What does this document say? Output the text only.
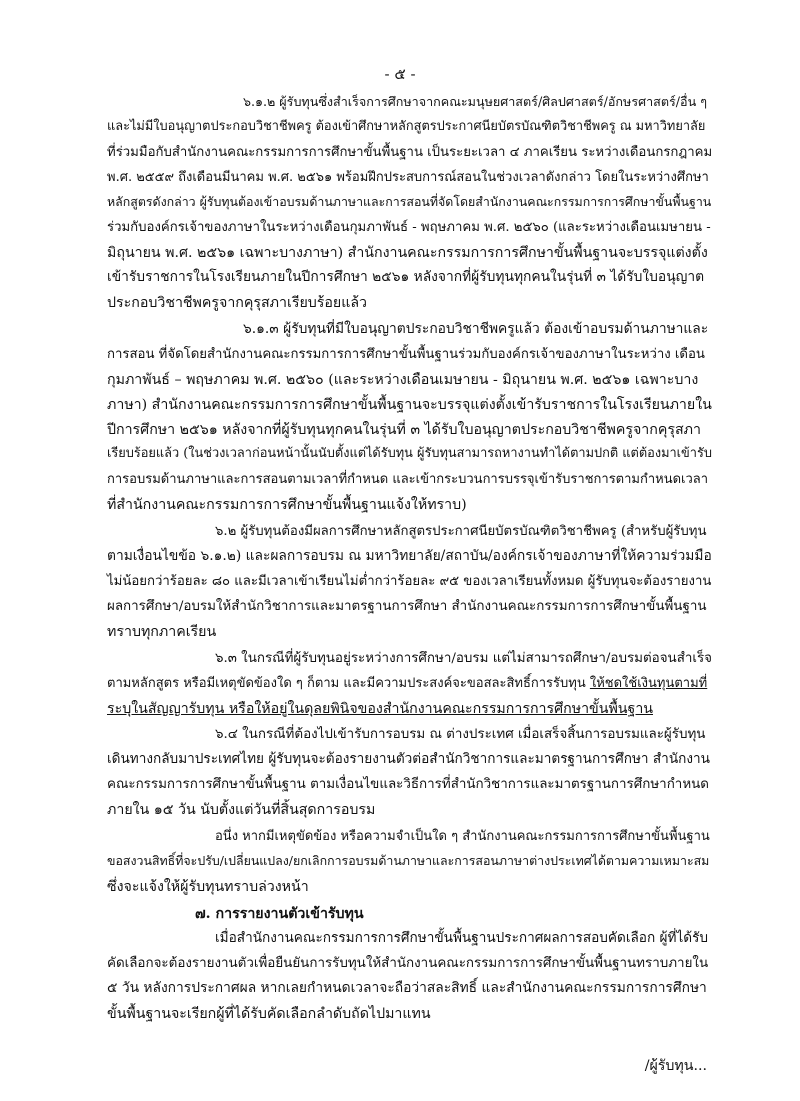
- ๕ -
๖.๑.๒ ผู้รับทุนซึ่งสำเร็จการศึกษาจากคณะมนุษยศาสตร์/ศิลปศาสตร์/อักษรศาสตร์/อื่น ๆ
และไม่มีใบอนุญาตประกอบวิชาชีพครู ต้องเข้าศึกษาหลักสูตรประกาศนียบัตรบัณฑิตวิชาชีพครู ณ มหาวิทยาลัย
ที่ร่วมมือกับสำนักงานคณะกรรมการการศึกษาขั้นพื้นฐาน เป็นระยะเวลา ๔ ภาคเรียน ระหว่างเดือนกรกฎาคม
พ.ศ. ๒๕๕๙ ถึงเดือนมีนาคม พ.ศ. ๒๕๖๑ พร้อมฝึกประสบการณ์สอนในช่วงเวลาดังกล่าว โดยในระหว่างศึกษา
หลักสูตรดังกล่าว ผู้รับทุนต้องเข้าอบรมด้านภาษาและการสอนที่จัดโดยสำนักงานคณะกรรมการการศึกษาขั้นพื้นฐาน
ร่วมกับองค์กรเจ้าของภาษาในระหว่างเดือนกุมภาพันธ์ - พฤษภาคม พ.ศ. ๒๕๖๐ (และระหว่างเดือนเมษายน -
มิถุนายน พ.ศ. ๒๕๖๑ เฉพาะบางภาษา) สำนักงานคณะกรรมการการศึกษาขั้นพื้นฐานจะบรรจุแต่งตั้ง
เข้ารับราชการในโรงเรียนภายในปีการศึกษา ๒๕๖๑ หลังจากที่ผู้รับทุนทุกคนในรุ่นที่ ๓ ได้รับใบอนุญาต
ประกอบวิชาชีพครูจากคุรุสภาเรียบร้อยแล้ว
๖.๑.๓ ผู้รับทุนที่มีใบอนุญาตประกอบวิชาชีพครูแล้ว ต้องเข้าอบรมด้านภาษาและ
การสอน ที่จัดโดยสำนักงานคณะกรรมการการศึกษาขั้นพื้นฐานร่วมกับองค์กรเจ้าของภาษาในระหว่าง เดือน
กุมภาพันธ์ – พฤษภาคม พ.ศ. ๒๕๖๐ (และระหว่างเดือนเมษายน - มิถุนายน พ.ศ. ๒๕๖๑ เฉพาะบาง
ภาษา) สำนักงานคณะกรรมการการศึกษาขั้นพื้นฐานจะบรรจุแต่งตั้งเข้ารับราชการในโรงเรียนภายใน
ปีการศึกษา ๒๕๖๑ หลังจากที่ผู้รับทุนทุกคนในรุ่นที่ ๓ ได้รับใบอนุญาตประกอบวิชาชีพครูจากคุรุสภา
เรียบร้อยแล้ว (ในช่วงเวลาก่อนหน้านั้นนับตั้งแต่ได้รับทุน ผู้รับทุนสามารถหางานทำได้ตามปกติ แต่ต้องมาเข้ารับ
การอบรมด้านภาษาและการสอนตามเวลาที่กำหนด และเข้ากระบวนการบรรจุเข้ารับราชการตามกำหนดเวลา
ที่สำนักงานคณะกรรมการการศึกษาขั้นพื้นฐานแจ้งให้ทราบ)
๖.๒ ผู้รับทุนต้องมีผลการศึกษาหลักสูตรประกาศนียบัตรบัณฑิตวิชาชีพครู (สำหรับผู้รับทุน
ตามเงื่อนไขข้อ ๖.๑.๒) และผลการอบรม ณ มหาวิทยาลัย/สถาบัน/องค์กรเจ้าของภาษาที่ให้ความร่วมมือ
ไม่น้อยกว่าร้อยละ ๘๐ และมีเวลาเข้าเรียนไม่ต่ำกว่าร้อยละ ๙๕ ของเวลาเรียนทั้งหมด ผู้รับทุนจะต้องรายงาน
ผลการศึกษา/อบรมให้สำนักวิชาการและมาตรฐานการศึกษา สำนักงานคณะกรรมการการศึกษาขั้นพื้นฐาน
ทราบทุกภาคเรียน
๖.๓ ในกรณีที่ผู้รับทุนอยู่ระหว่างการศึกษา/อบรม แต่ไม่สามารถศึกษา/อบรมต่อจนสำเร็จ
ตามหลักสูตร หรือมีเหตุขัดข้องใด ๆ ก็ตาม และมีความประสงค์จะขอสละสิทธิ์การรับทุน ให้ชดใช้เงินทุนตามที่
ระบุในสัญญารับทุน หรือให้อยู่ในดุลยพินิจของสำนักงานคณะกรรมการการศึกษาขั้นพื้นฐาน
๖.๔ ในกรณีที่ต้องไปเข้ารับการอบรม ณ ต่างประเทศ เมื่อเสร็จสิ้นการอบรมและผู้รับทุน
เดินทางกลับมาประเทศไทย ผู้รับทุนจะต้องรายงานตัวต่อสำนักวิชาการและมาตรฐานการศึกษา สำนักงาน
คณะกรรมการการศึกษาขั้นพื้นฐาน ตามเงื่อนไขและวิธีการที่สำนักวิชาการและมาตรฐานการศึกษากำหนด
ภายใน ๑๕ วัน นับตั้งแต่วันที่สิ้นสุดการอบรม
อนึ่ง หากมีเหตุขัดข้อง หรือความจำเป็นใด ๆ สำนักงานคณะกรรมการการศึกษาขั้นพื้นฐาน
ขอสงวนสิทธิ์ที่จะปรับ/เปลี่ยนแปลง/ยกเลิกการอบรมด้านภาษาและการสอนภาษาต่างประเทศได้ตามความเหมาะสม
ซึ่งจะแจ้งให้ผู้รับทุนทราบล่วงหน้า
๗. การรายงานตัวเข้ารับทุน
เมื่อสำนักงานคณะกรรมการการศึกษาขั้นพื้นฐานประกาศผลการสอบคัดเลือก ผู้ที่ได้รับ
คัดเลือกจะต้องรายงานตัวเพื่อยืนยันการรับทุนให้สำนักงานคณะกรรมการการศึกษาขั้นพื้นฐานทราบภายใน
๕ วัน หลังการประกาศผล หากเลยกำหนดเวลาจะถือว่าสละสิทธิ์ และสำนักงานคณะกรรมการการศึกษา
ขั้นพื้นฐานจะเรียกผู้ที่ได้รับคัดเลือกลำดับถัดไปมาแทน
/ผู้รับทุน...
